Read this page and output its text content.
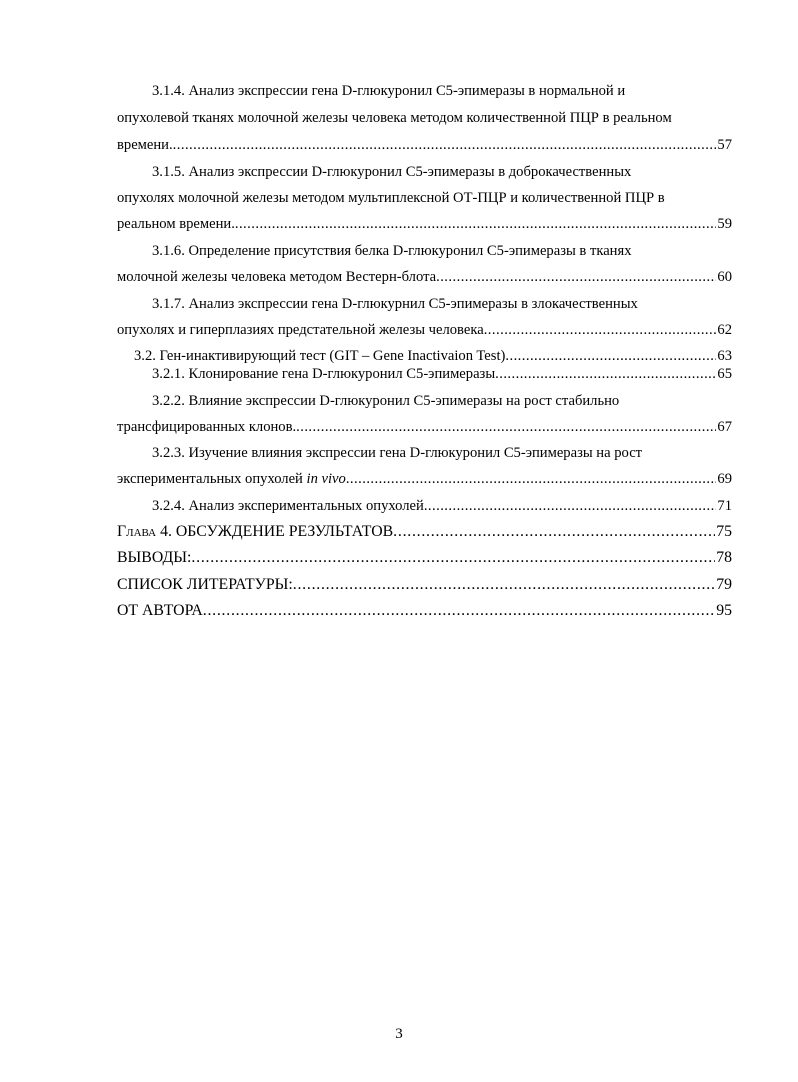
3.1.4. Анализ экспрессии гена D-глюкуронил С5-эпимеразы в нормальной и
опухолевой тканях молочной железы человека методом количественной ПЦР в реальном
времени. . . .	57
3.1.5. Анализ экспрессии D-глюкуронил С5-эпимеразы в доброкачественных
опухолях молочной железы методом мультиплексной ОТ-ПЦР и количественной ПЦР в
реальном времени. . . .	59
3.1.6. Определение присутствия белка D-глюкуронил С5-эпимеразы в тканях
молочной железы человека методом Вестерн-блота . . .	60
3.1.7. Анализ экспрессии гена D-глюкурнил С5-эпимеразы в злокачественных
опухолях и гиперплазиях предстательной железы человека . . .	62
3.2. Ген-инактивирующий тест (GIT – Gene Inactivaion Test) . . .	63
3.2.1. Клонирование гена D-глюкуронил С5-эпимеразы . . .	65
3.2.2. Влияние экспрессии D-глюкуронил С5-эпимеразы на рост стабильно
трансфицированных клонов. . . .	67
3.2.3. Изучение влияния экспрессии гена D-глюкуронил С5-эпимеразы на рост
экспериментальных опухолей in vivo . . .	69
3.2.4. Анализ экспериментальных опухолей . . .	71
Глава 4. ОБСУЖДЕНИЕ РЕЗУЛЬТАТОВ . . .	75
ВЫВОДЫ: . . .	78
СПИСОК ЛИТЕРАТУРЫ: . . .	79
ОТ АВТОРА . . .	95
3
